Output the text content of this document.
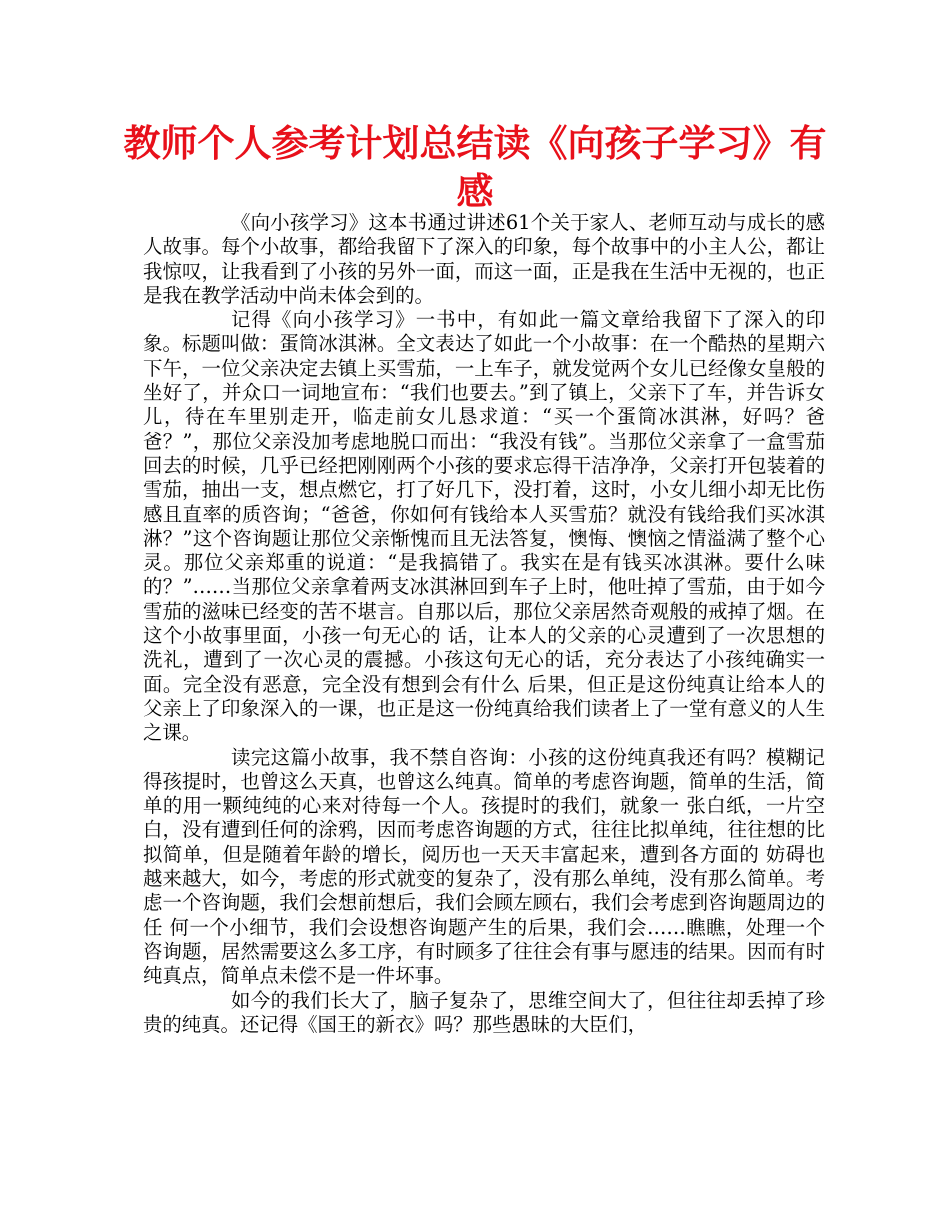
教师个人参考计划总结读《向孩子学习》有感

《向小孩学习》这本书通过讲述61个关于家人、老师互动与成长的感人故事。每个小故事，都给我留下了深入的印象，每个故事中的小主人公，都让我惊叹，让我看到了小孩的另外一面，而这一面，正是我在生活中无视的，也正是我在教学活动中尚未体会到的。

记得《向小孩学习》一书中，有如此一篇文章给我留下了深入的印象。标题叫做：蛋筒冰淇淋。全文表达了如此一个小故事：在一个酷热的星期六下午，一位父亲决定去镇上买雪茄，一上车子，就发觉两个女儿已经像女皇般的坐好了，并众口一词地宣布：“我们也要去。”到了镇上，父亲下了车，并告诉女儿，待在车里别走开，临走前女儿恳求道：“买一个蛋筒冰淇淋，好吗？爸爸？”，那位父亲没加考虑地脱口而出：“我没有钱”。当那位父亲拿了一盒雪茄回去的时候，几乎已经把刚刚两个小孩的要求忘得干洁净净，父亲打开包装着的雪茄，抽出一支，想点燃它，打了好几下，没打着，这时，小女儿细小却无比伤感且直率的质咨询；“爸爸，你如何有钱给本人买雪茄？就没有钱给我们买冰淇淋？”这个咨询题让那位父亲惭愧而且无法答复，懊悔、懊恼之情溢满了整个心灵。那位父亲郑重的说道：“是我搞错了。我实在是有钱买冰淇淋。要什么味的？”……当那位父亲拿着两支冰淇淋回到车子上时，他吐掉了雪茄，由于如今雪茄的滋味已经变的苦不堪言。自那以后，那位父亲居然奇观般的戒掉了烟。在这个小故事里面，小孩一句无心的 话，让本人的父亲的心灵遭到了一次思想的洗礼，遭到了一次心灵的震撼。小孩这句无心的话，充分表达了小孩纯确实一面。完全没有恶意，完全没有想到会有什么 后果，但正是这份纯真让给本人的父亲上了印象深入的一课，也正是这一份纯真给我们读者上了一堂有意义的人生之课。

读完这篇小故事，我不禁自咨询：小孩的这份纯真我还有吗？模糊记得孩提时，也曾这么天真，也曾这么纯真。简单的考虑咨询题，简单的生活，简单的用一颗纯纯的心来对待每一个人。孩提时的我们，就象一 张白纸，一片空白，没有遭到任何的涂鸦，因而考虑咨询题的方式，往往比拟单纯，往往想的比拟简单，但是随着年龄的增长，阅历也一天天丰富起来，遭到各方面的 妨碍也越来越大，如今，考虑的形式就变的复杂了，没有那么单纯，没有那么简单。考虑一个咨询题，我们会想前想后，我们会顾左顾右，我们会考虑到咨询题周边的任 何一个小细节，我们会设想咨询题产生的后果，我们会……瞧瞧，处理一个咨询题，居然需要这么多工序，有时顾多了往往会有事与愿违的结果。因而有时纯真点，简单点未偿不是一件坏事。

如今的我们长大了，脑子复杂了，思维空间大了，但往往却丢掉了珍贵的纯真。还记得《国王的新衣》吗？那些愚昧的大臣们，
